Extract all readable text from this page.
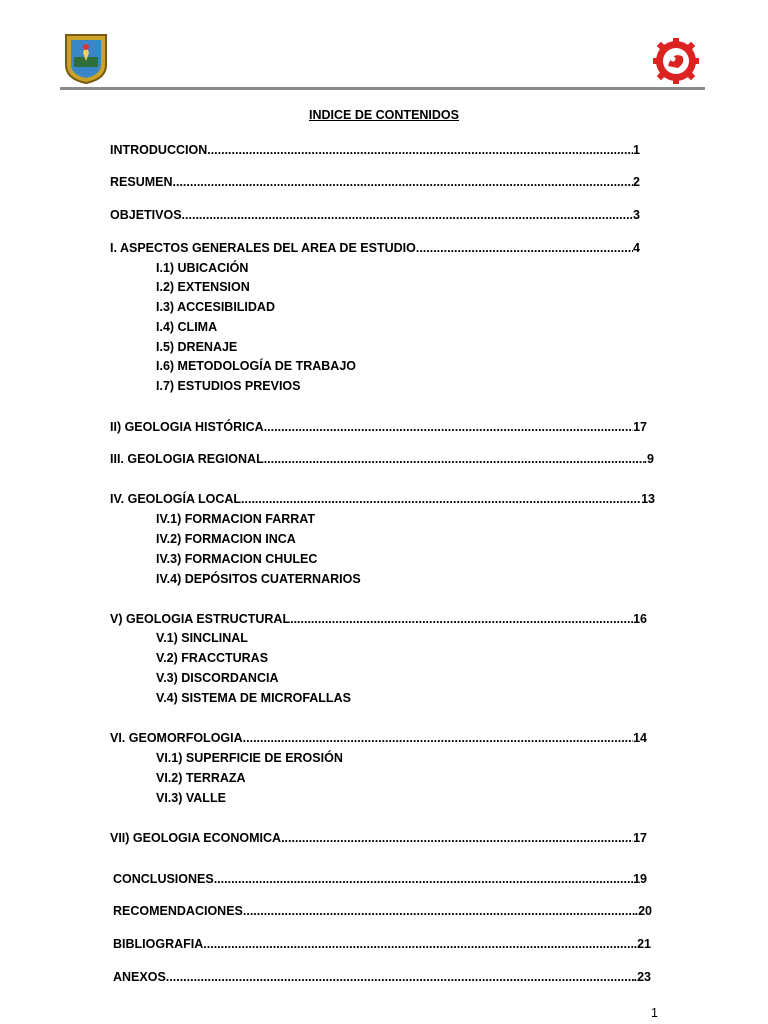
INDICE DE CONTENIDOS
INTRODUCCION .....	1
RESUMEN .....	2
OBJETIVOS .....	3
I. ASPECTOS GENERALES DEL AREA DE ESTUDIO .....	4
I.1) UBICACIÓN
I.2) EXTENSION
I.3) ACCESIBILIDAD
I.4) CLIMA
I.5) DRENAJE
I.6) METODOLOGÍA DE TRABAJO
I.7) ESTUDIOS PREVIOS
II) GEOLOGIA HISTÓRICA .....	17
III. GEOLOGIA REGIONAL .....	.9
IV. GEOLOGÍA LOCAL .....	13
IV.1) FORMACION FARRAT
IV.2) FORMACION INCA
IV.3) FORMACION CHULEC
IV.4) DEPÓSITOS CUATERNARIOS
V) GEOLOGIA ESTRUCTURAL .....	16
V.1) SINCLINAL
V.2) FRACCTURAS
V.3) DISCORDANCIA
V.4) SISTEMA DE MICROFALLAS
VI. GEOMORFOLOGIA .....	14
VI.1) SUPERFICIE DE EROSIÓN
VI.2) TERRAZA
VI.3) VALLE
VII) GEOLOGIA ECONOMICA .....	17
CONCLUSIONES .....	19
RECOMENDACIONES .....	.20
BIBLIOGRAFIA .....	.21
ANEXOS .....	.23
1
